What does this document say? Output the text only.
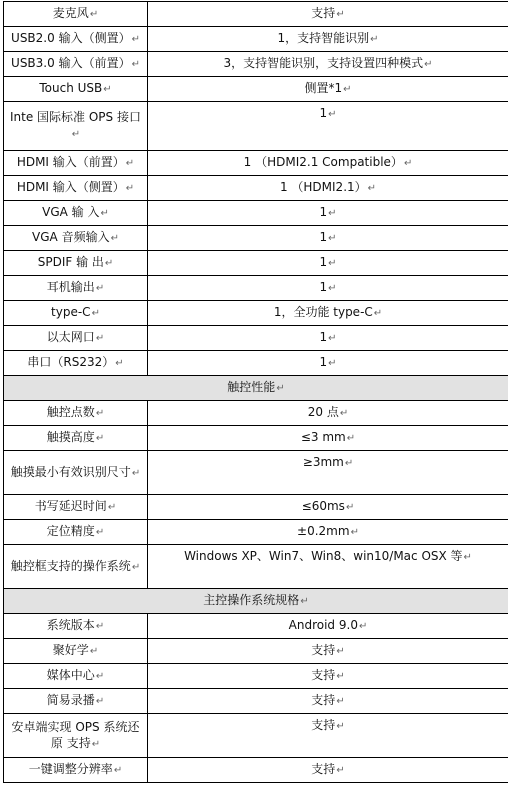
麦克风↵	支持↵
USB2.0 输入（侧置）↵	1，支持智能识别↵
USB3.0 输入（前置）↵	3，支持智能识别，支持设置四种模式↵
Touch USB↵	侧置*1↵
Inte 国际标准 OPS 接口↵	1↵
HDMI 输入（前置）↵	1 （HDMI2.1 Compatible）↵
HDMI 输入（侧置）↵	1 （HDMI2.1）↵
VGA 输 入↵	1↵
VGA 音频输入↵	1↵
SPDIF 输 出↵	1↵
耳机输出↵	1↵
type-C↵	1，全功能 type-C↵
以太网口↵	1↵
串口（RS232）↵	1↵
触控性能↵	
触控点数↵	20 点↵
触摸高度↵	≤3 mm↵
触摸最小有效识别尺寸↵	≥3mm↵
书写延迟时间↵	≤60ms↵
定位精度↵	±0.2mm↵
触控框支持的操作系统↵	Windows XP、Win7、Win8、win10/Mac OSX 等↵
主控操作系统规格↵	
系统版本↵	Android 9.0↵
聚好学↵	支持↵
媒体中心↵	支持↵
简易录播↵	支持↵
安卓端实现 OPS 系统还原 支持↵	支持↵
一键调整分辨率↵	支持↵
